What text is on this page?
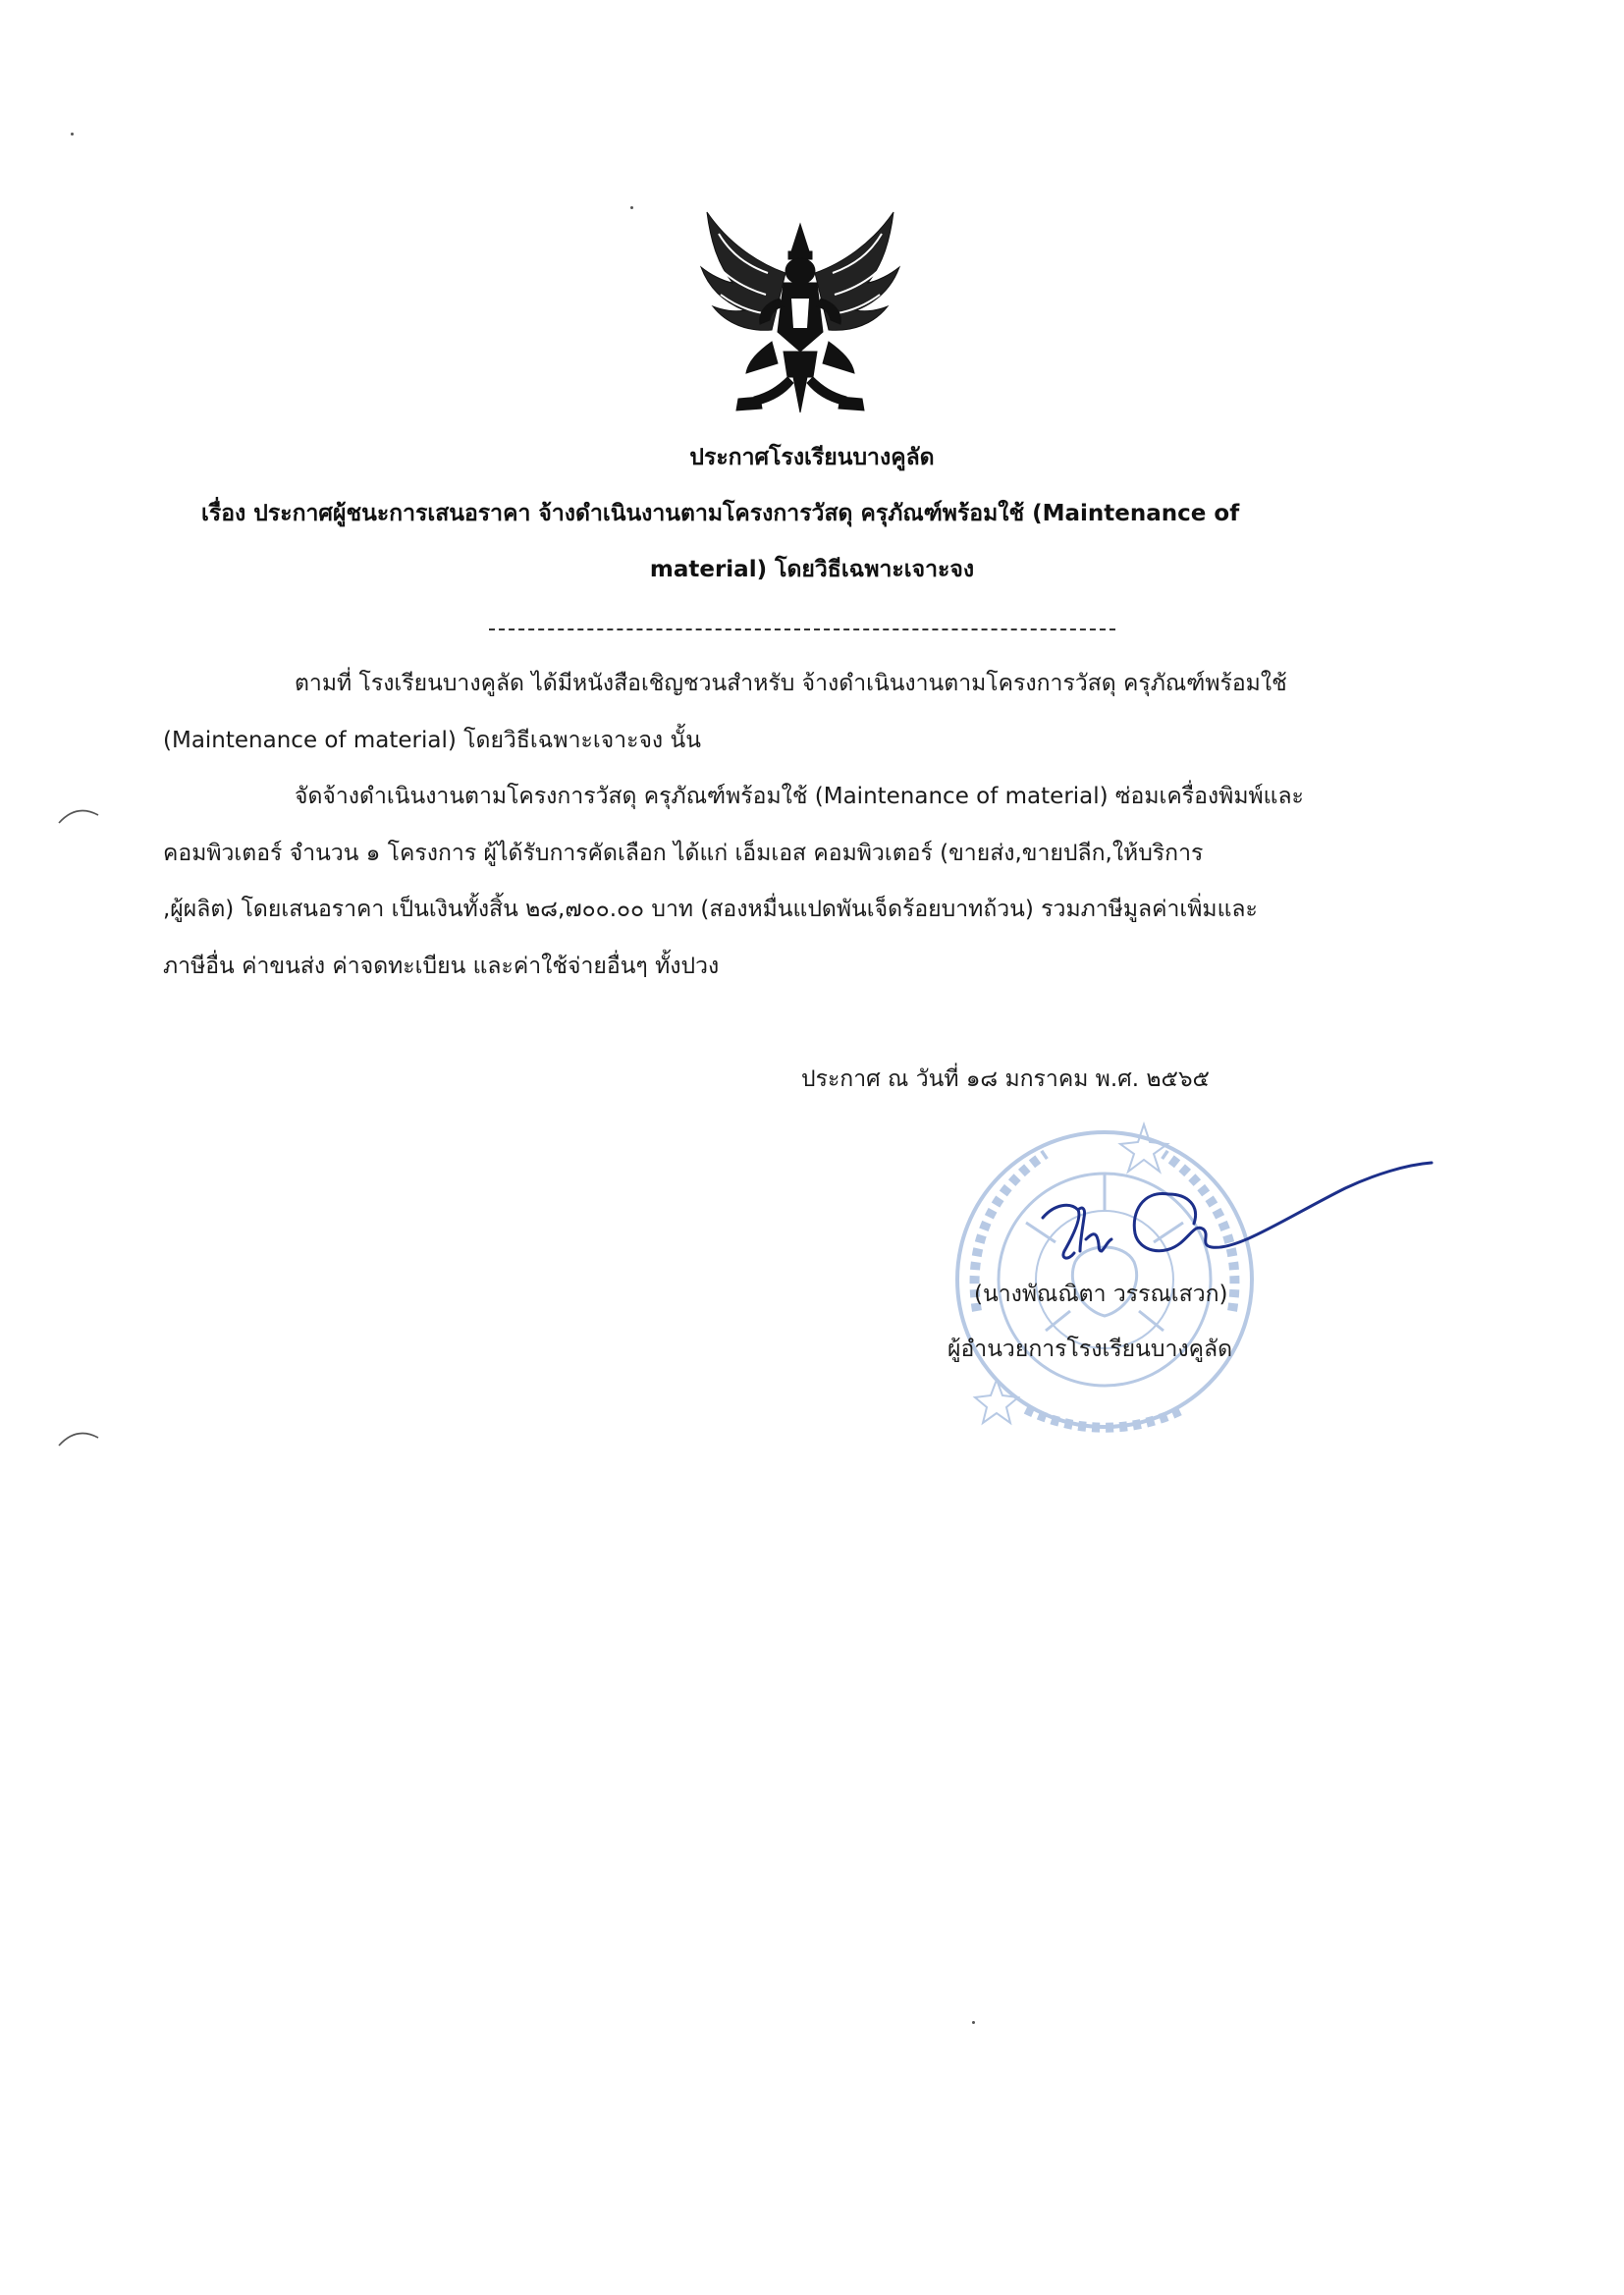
ประกาศโรงเรียนบางคูลัด
เรื่อง ประกาศผู้ชนะการเสนอราคา จ้างดำเนินงานตามโครงการวัสดุ ครุภัณฑ์พร้อมใช้ (Maintenance of
material) โดยวิธีเฉพาะเจาะจง
ตามที่ โรงเรียนบางคูลัด ได้มีหนังสือเชิญชวนสำหรับ จ้างดำเนินงานตามโครงการวัสดุ ครุภัณฑ์พร้อมใช้
(Maintenance of material) โดยวิธีเฉพาะเจาะจง นั้น
จัดจ้างดำเนินงานตามโครงการวัสดุ ครุภัณฑ์พร้อมใช้ (Maintenance of material) ซ่อมเครื่องพิมพ์และ
คอมพิวเตอร์ จำนวน ๑ โครงการ ผู้ได้รับการคัดเลือก ได้แก่ เอ็มเอส คอมพิวเตอร์ (ขายส่ง,ขายปลีก,ให้บริการ
,ผู้ผลิต) โดยเสนอราคา เป็นเงินทั้งสิ้น ๒๘,๗๐๐.๐๐ บาท (สองหมื่นแปดพันเจ็ดร้อยบาทถ้วน) รวมภาษีมูลค่าเพิ่มและ
ภาษีอื่น ค่าขนส่ง ค่าจดทะเบียน และค่าใช้จ่ายอื่นๆ ทั้งปวง
ประกาศ ณ วันที่ ๑๘ มกราคม พ.ศ. ๒๕๖๕
(นางพัณณิตา วรรณเสวก)
ผู้อำนวยการโรงเรียนบางคูลัด
